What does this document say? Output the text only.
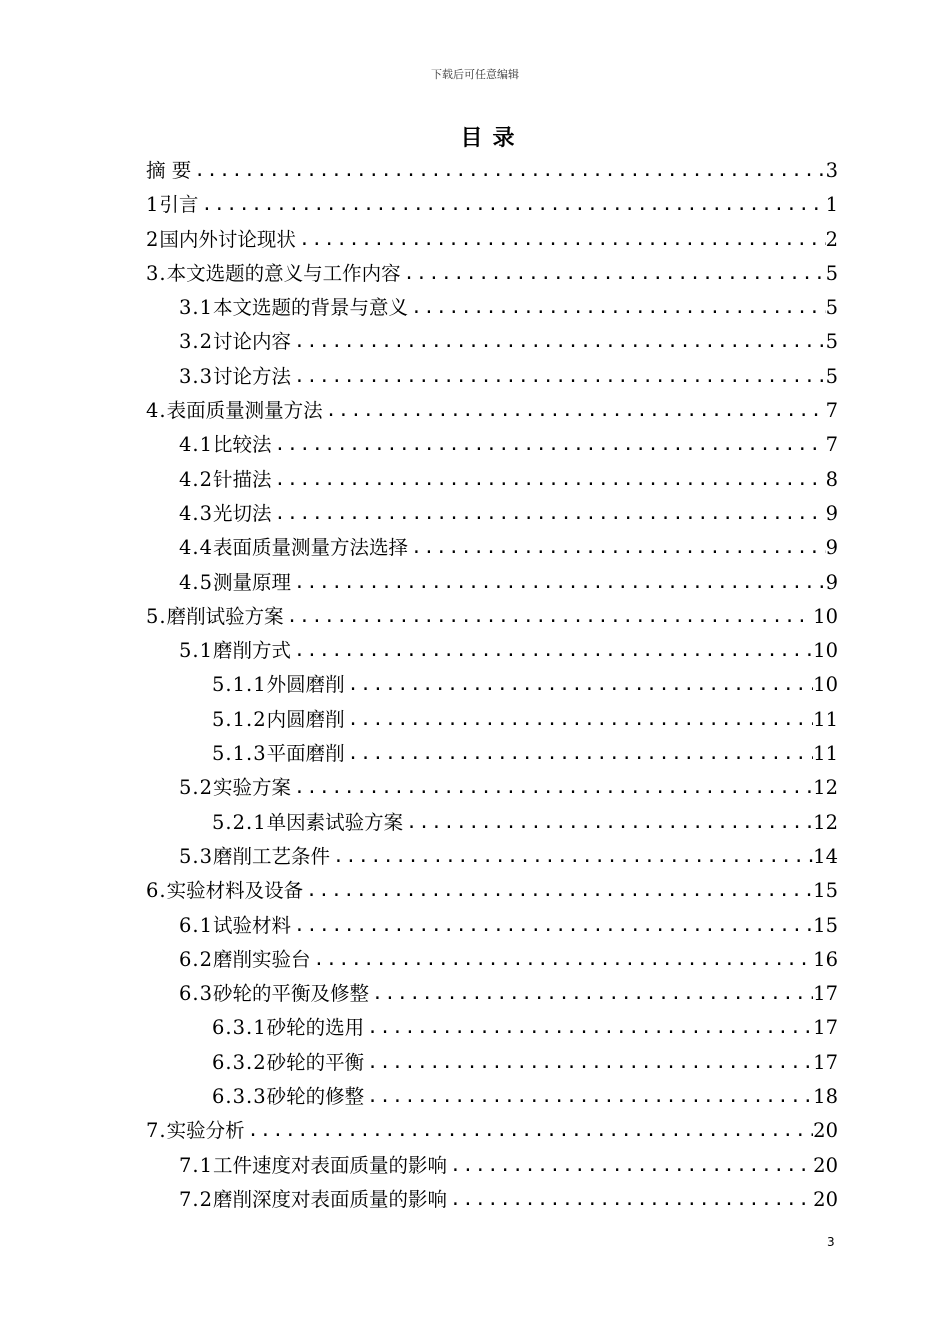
下载后可任意编辑
目录
摘 要 .....	3
1 引言 .....	1
2 国内外讨论现状 .....	2
3. 本文选题的意义与工作内容 .....	5
3.1 本文选题的背景与意义 .....	5
3.2 讨论内容 .....	5
3.3 讨论方法 .....	5
4. 表面质量测量方法 .....	7
4.1 比较法 .....	7
4.2 针描法 .....	8
4.3 光切法 .....	9
4.4 表面质量测量方法选择 .....	9
4.5 测量原理 .....	9
5. 磨削试验方案 .....	10
5.1 磨削方式 .....	10
5.1.1 外圆磨削 .....	10
5.1.2 内圆磨削 .....	11
5.1.3 平面磨削 .....	11
5.2 实验方案 .....	12
5.2.1 单因素试验方案 .....	12
5.3 磨削工艺条件 .....	14
6. 实验材料及设备 .....	15
6.1 试验材料 .....	15
6.2 磨削实验台 .....	16
6.3 砂轮的平衡及修整 .....	17
6.3.1 砂轮的选用 .....	17
6.3.2 砂轮的平衡 .....	17
6.3.3 砂轮的修整 .....	18
7. 实验分析 .....	20
7.1 工件速度对表面质量的影响 .....	20
7.2 磨削深度对表面质量的影响 .....	20
3
